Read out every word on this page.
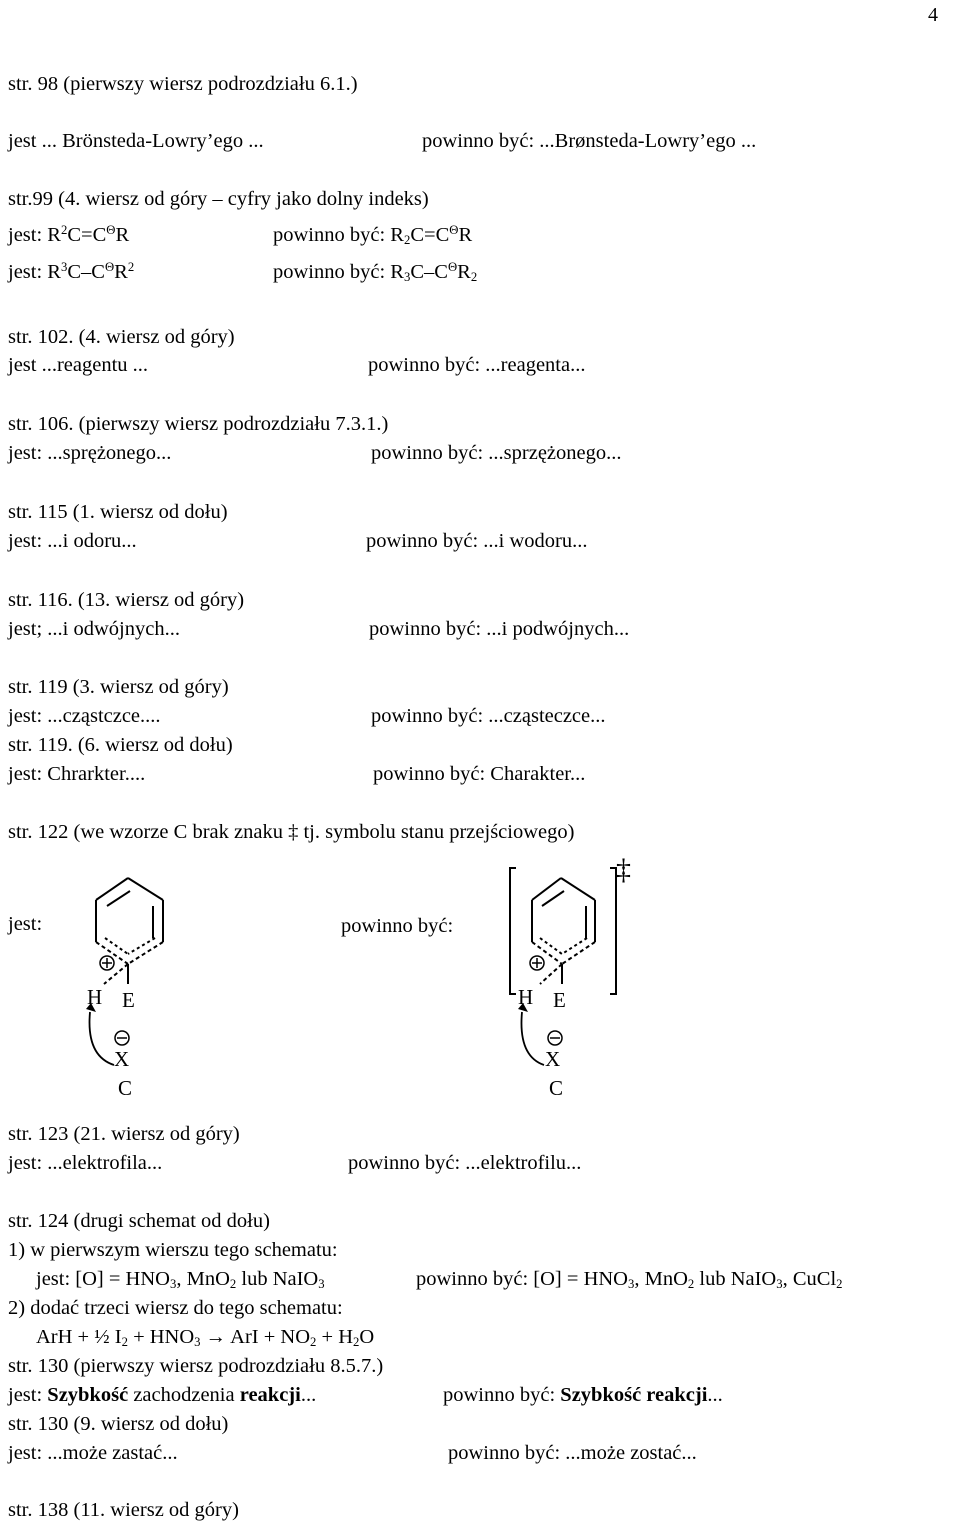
4
str. 98 (pierwszy wiersz podrozdziału 6.1.)
jest ... Brönsteda-Lowry’ego ...	powinno być: ...Brønsteda-Lowry’ego ...
str.99 (4. wiersz od góry – cyfry jako dolny indeks)
jest: $R^2C=C^\Theta R$	powinno być: $R_2C=C^\Theta R$
jest: $R^3C-C^\Theta R^2$	powinno być: $R_3C-C^\Theta R_2$
str. 102. (4. wiersz od góry)
jest ...reagentu ...	powinno być: ...reagenta...
str. 106. (pierwszy wiersz podrozdziału 7.3.1.)
jest: ...sprężonego...	powinno być: ...sprzężonego...
str. 115 (1. wiersz od dołu)
jest: ...i odoru...	powinno być: ...i wodoru...
str. 116. (13. wiersz od góry)
jest; ...i odwójnych...	powinno być: ...i podwójnych...
str. 119 (3. wiersz od góry)
jest: ...cząstczce....	powinno być: ...cząsteczce...
str. 119. (6. wiersz od dołu)
jest: Chrarkter....	powinno być: Charakter...
str. 122 (we wzorze C brak znaku ‡ tj. symbolu stanu przejściowego)
jest:
H E
X
C
powinno być:
‡
H E
X
C
str. 123 (21. wiersz od góry)
jest: ...elektrofila...	powinno być: ...elektrofilu...
str. 124 (drugi schemat od dołu)
1) w pierwszym wierszu tego schematu:
jest: $[O] = HNO_3$, MnO$_2$ lub NaIO$_3$	powinno być: $[O] = HNO_3$, MnO$_2$ lub NaIO$_3$, CuCl$_2$
2) dodać trzeci wiersz do tego schematu:
ArH + ½ $I_2 + HNO_3$ → ArI + $NO_2 + H_2O$
str. 130 (pierwszy wiersz podrozdziału 8.5.7.)
jest: Szybkość zachodzenia reakcji...	powinno być: Szybkość reakcji...
str. 130 (9. wiersz od dołu)
jest: ...może zastać...	powinno być: ...może zostać...
str. 138 (11. wiersz od góry)
